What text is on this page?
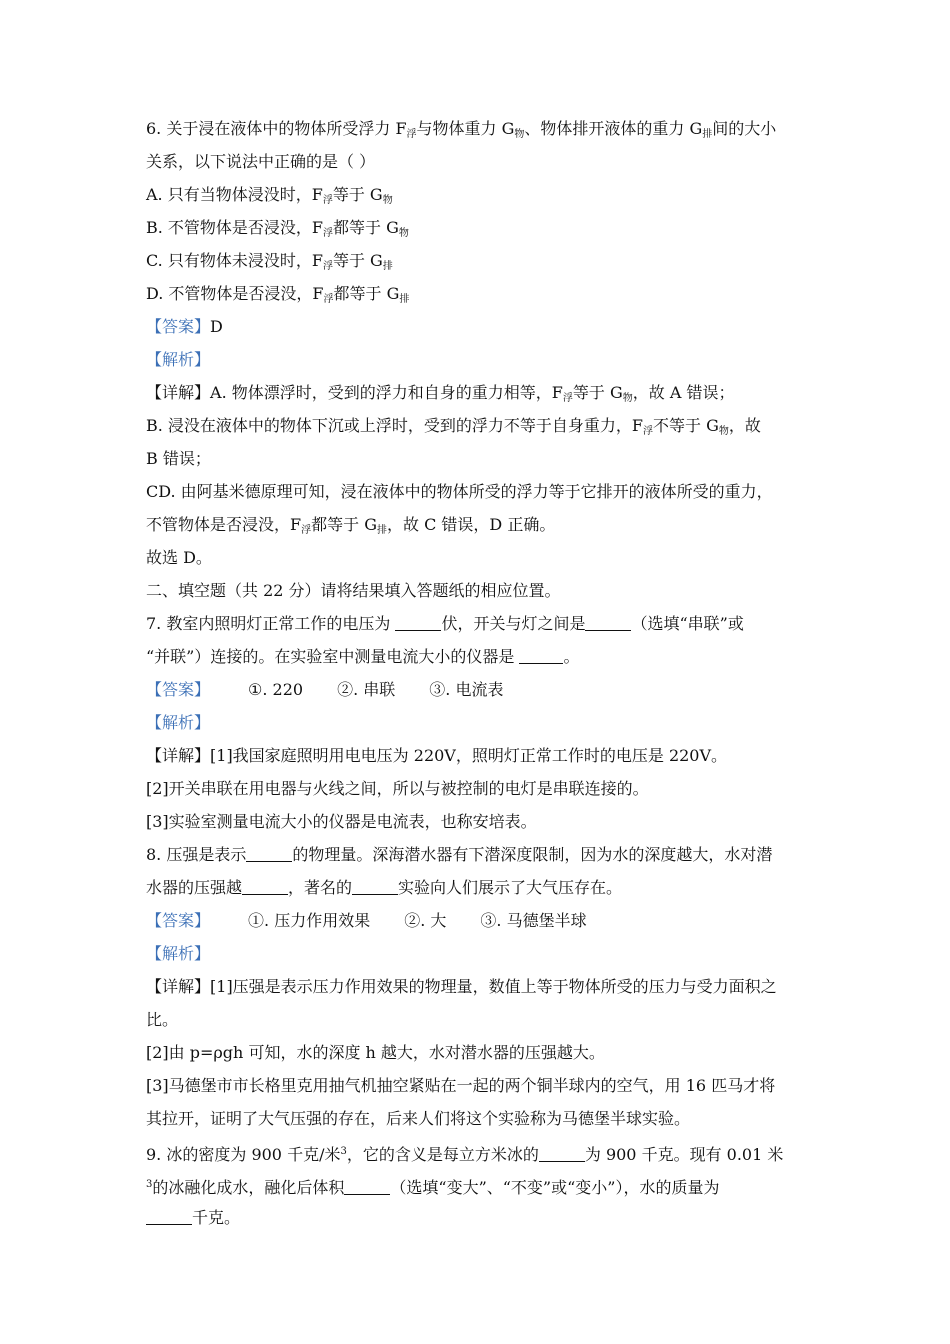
6. 关于浸在液体中的物体所受浮力 $F_浮$与物体重力 $G_物$、物体排开液体的重力 $G_排$间的大小
关系，以下说法中正确的是（ ）
A. 只有当物体浸没时，$F_浮$等于 $G_物$
B. 不管物体是否浸没，$F_浮$都等于 $G_物$
C. 只有物体未浸没时，$F_浮$等于 $G_排$
D. 不管物体是否浸没，$F_浮$都等于 $G_排$
【答案】D
【解析】
【详解】A. 物体漂浮时，受到的浮力和自身的重力相等，$F_浮$等于 $G_物$，故 A 错误；
B. 浸没在液体中的物体下沉或上浮时，受到的浮力不等于自身重力，$F_浮$不等于 $G_物$，故
B 错误；
CD. 由阿基米德原理可知，浸在液体中的物体所受的浮力等于它排开的液体所受的重力，
不管物体是否浸没，$F_浮$都等于 $G_排$，故 C 错误，D 正确。
故选 D。
二、填空题（共 22 分）请将结果填入答题纸的相应位置。
7. 教室内照明灯正常工作的电压为	伏，开关与灯之间是	（选填“串联”或
“并联”）连接的。在实验室中测量电流大小的仪器是	。
【答案】 ①. 220 ②. 串联 ③. 电流表
【解析】
【详解】[1]我国家庭照明用电电压为 220V，照明灯正常工作时的电压是 220V。
[2]开关串联在用电器与火线之间，所以与被控制的电灯是串联连接的。
[3]实验室测量电流大小的仪器是电流表，也称安培表。
8. 压强是表示	的物理量。深海潜水器有下潜深度限制，因为水的深度越大，水对潜
水器的压强越	，著名的	实验向人们展示了大气压存在。
【答案】 ①. 压力作用效果 ②. 大 ③. 马德堡半球
【解析】
【详解】[1]压强是表示压力作用效果的物理量，数值上等于物体所受的压力与受力面积之
比。
[2]由 p=ρgh 可知，水的深度 h 越大，水对潜水器的压强越大。
[3]马德堡市市长格里克用抽气机抽空紧贴在一起的两个铜半球内的空气，用 16 匹马才将
其拉开，证明了大气压强的存在，后来人们将这个实验称为马德堡半球实验。
9. 冰的密度为 900 千克/米$^3$，它的含义是每立方米冰的	为 900 千克。现有 0.01 米
$^3$的冰融化成水，融化后体积	（选填“变大”、“不变”或“变小”），水的质量为
千克。
